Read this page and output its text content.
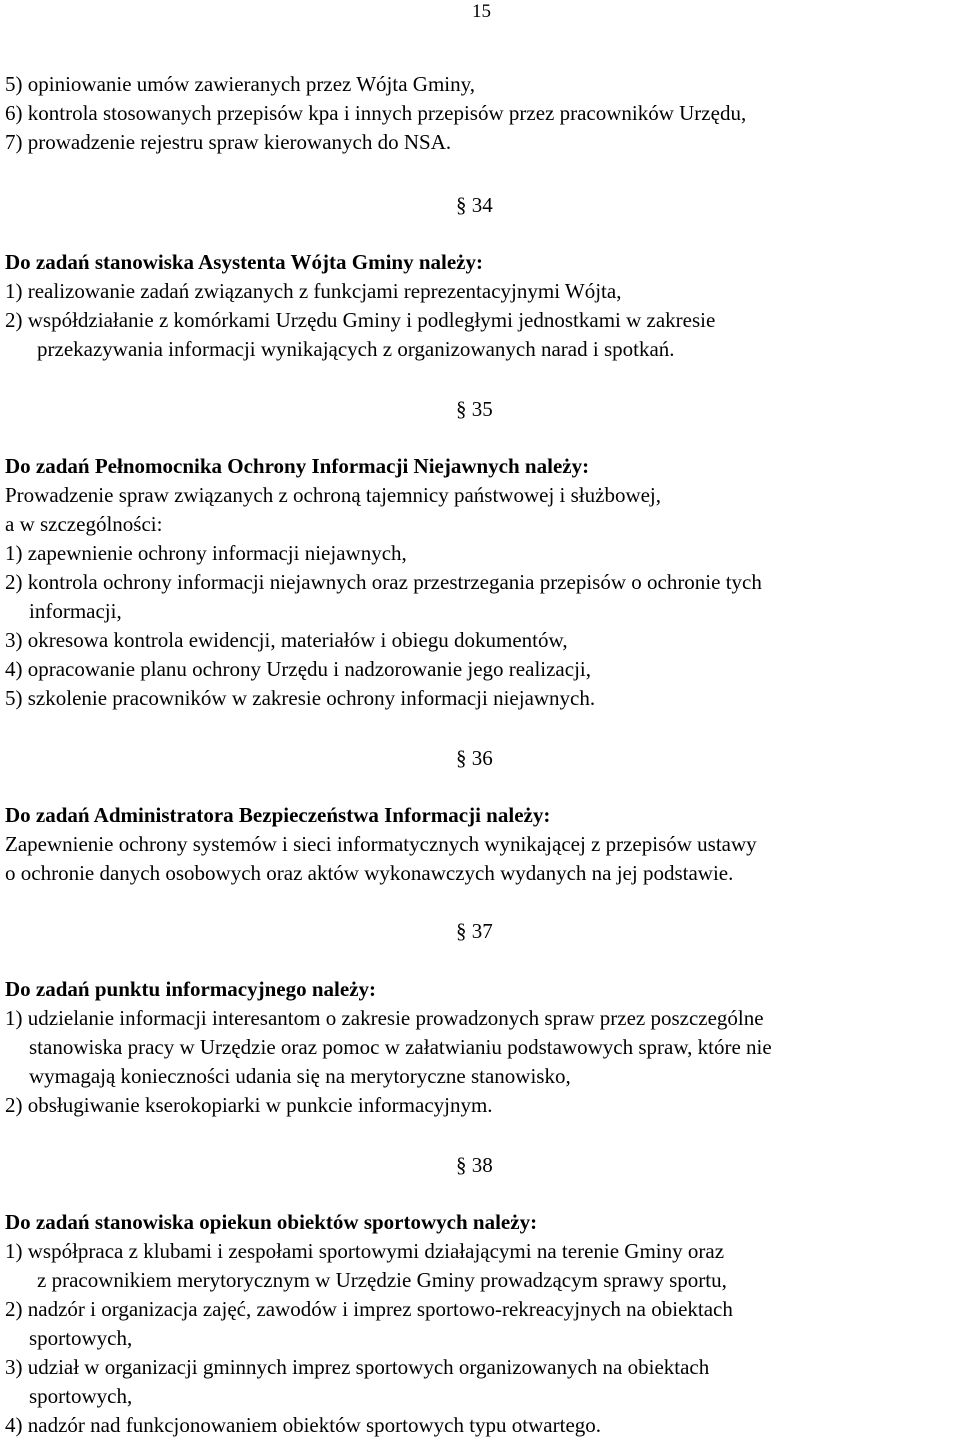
15
5) opiniowanie umów zawieranych przez Wójta Gminy,
6) kontrola stosowanych przepisów kpa i innych przepisów przez pracowników Urzędu,
7) prowadzenie rejestru spraw kierowanych do NSA.
§ 34
Do zadań stanowiska Asystenta Wójta Gminy należy:
1) realizowanie zadań związanych z funkcjami reprezentacyjnymi Wójta,
2) współdziałanie z komórkami Urzędu Gminy i podległymi jednostkami w zakresie
przekazywania informacji wynikających z organizowanych narad i spotkań.
§ 35
Do zadań Pełnomocnika Ochrony Informacji Niejawnych należy:
Prowadzenie spraw związanych z ochroną tajemnicy państwowej i służbowej,
a w szczególności:
1) zapewnienie ochrony informacji niejawnych,
2) kontrola ochrony informacji niejawnych oraz przestrzegania przepisów o ochronie tych
informacji,
3) okresowa kontrola ewidencji, materiałów i obiegu dokumentów,
4) opracowanie planu ochrony Urzędu i nadzorowanie jego realizacji,
5) szkolenie pracowników w zakresie ochrony informacji niejawnych.
§ 36
Do zadań Administratora Bezpieczeństwa Informacji należy:
Zapewnienie ochrony systemów i sieci informatycznych wynikającej z przepisów ustawy
o ochronie danych osobowych oraz aktów wykonawczych wydanych na jej podstawie.
§ 37
Do zadań punktu informacyjnego należy:
1) udzielanie informacji interesantom o zakresie prowadzonych spraw przez poszczególne
stanowiska pracy w Urzędzie oraz pomoc w załatwianiu podstawowych spraw, które nie
wymagają konieczności udania się na merytoryczne stanowisko,
2) obsługiwanie kserokopiarki w punkcie informacyjnym.
§ 38
Do zadań stanowiska opiekun obiektów sportowych należy:
1) współpraca z klubami i zespołami sportowymi działającymi na terenie Gminy oraz
z pracownikiem merytorycznym w Urzędzie Gminy prowadzącym sprawy sportu,
2) nadzór i organizacja zajęć, zawodów i imprez sportowo-rekreacyjnych na obiektach
sportowych,
3) udział w organizacji gminnych imprez sportowych organizowanych na obiektach
sportowych,
4) nadzór nad funkcjonowaniem obiektów sportowych typu otwartego.
